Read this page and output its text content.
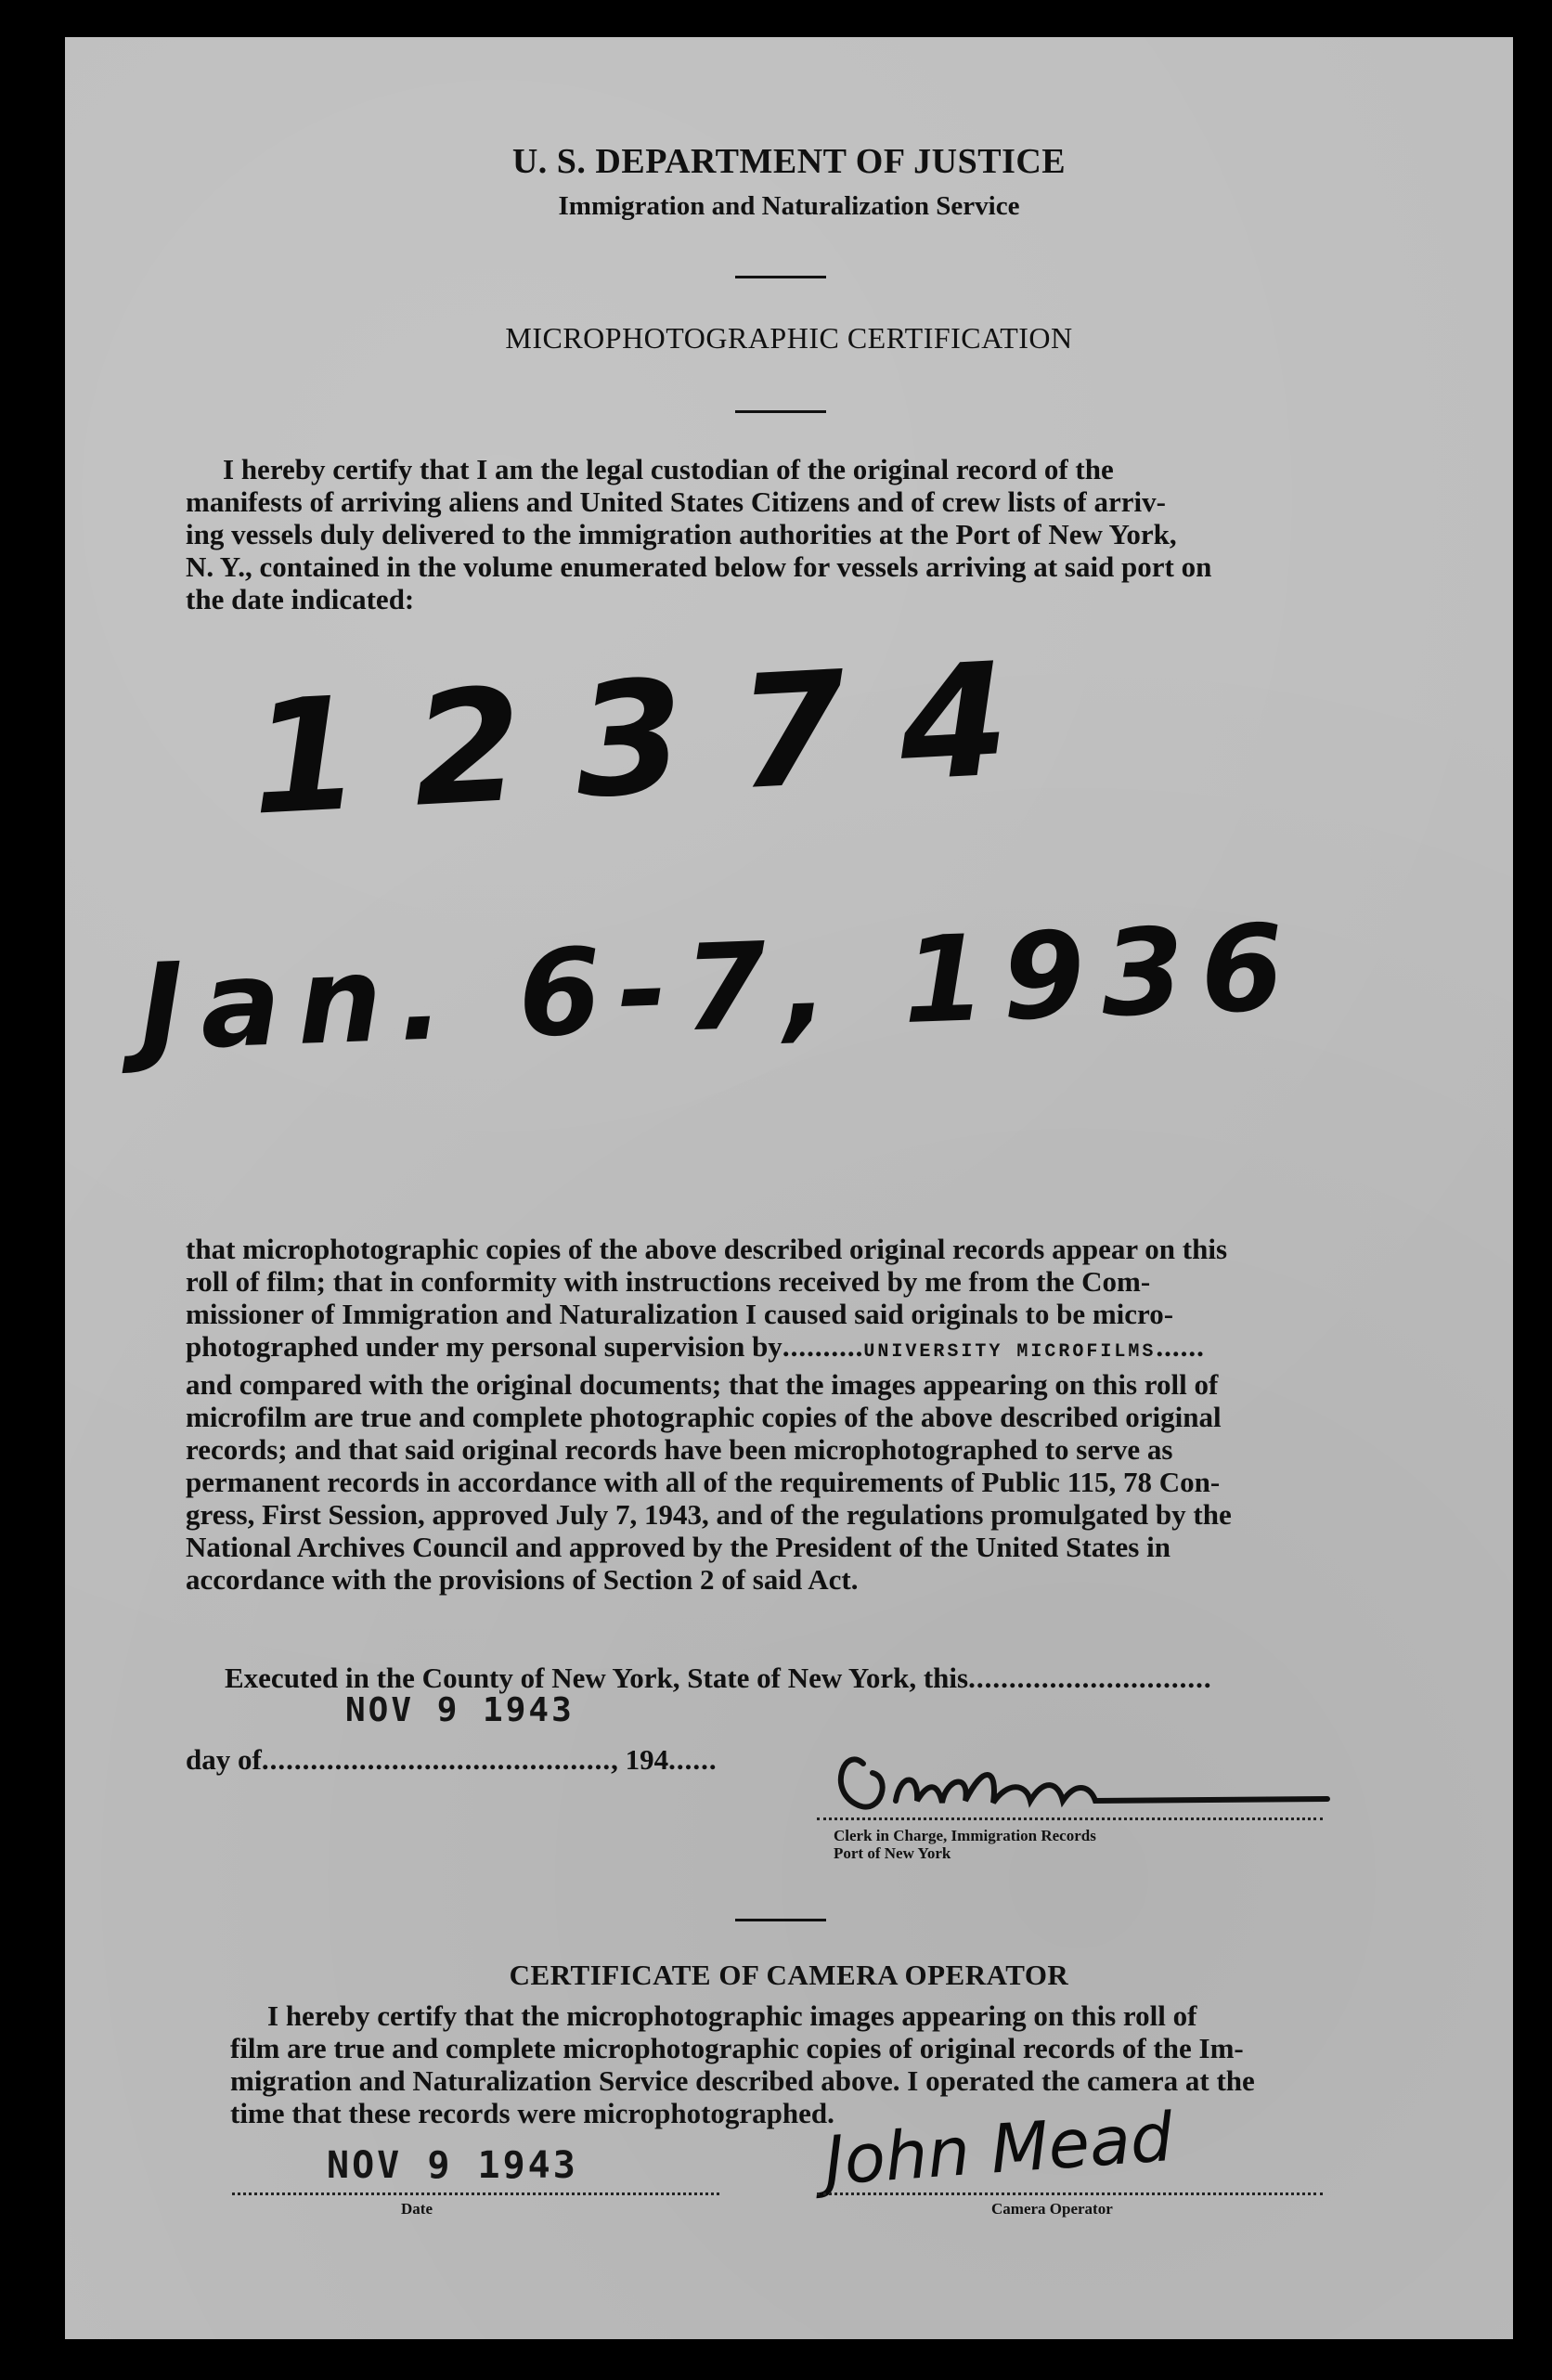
U. S. DEPARTMENT OF JUSTICE
Immigration and Naturalization Service
MICROPHOTOGRAPHIC CERTIFICATION
I hereby certify that I am the legal custodian of the original record of the
manifests of arriving aliens and United States Citizens and of crew lists of arriv-
ing vessels duly delivered to the immigration authorities at the Port of New York,
N. Y., contained in the volume enumerated below for vessels arriving at said port on
the date indicated:
12374
Jan. 6-7, 1936
that microphotographic copies of the above described original records appear on this
roll of film; that in conformity with instructions received by me from the Com-
missioner of Immigration and Naturalization I caused said originals to be micro-
photographed under my personal supervision by..........UNIVERSITY MICROFILMS......
and compared with the original documents; that the images appearing on this roll of
microfilm are true and complete photographic copies of the above described original
records; and that said original records have been microphotographed to serve as
permanent records in accordance with all of the requirements of Public 115, 78 Con-
gress, First Session, approved July 7, 1943, and of the regulations promulgated by the
National Archives Council and approved by the President of the United States in
accordance with the provisions of Section 2 of said Act.
Executed in the County of New York, State of New York, this..............................
NOV 9 1943
day of..........................................., 194......
Clerk in Charge, Immigration Records
Port of New York
CERTIFICATE OF CAMERA OPERATOR
I hereby certify that the microphotographic images appearing on this roll of
film are true and complete microphotographic copies of original records of the Im-
migration and Naturalization Service described above. I operated the camera at the
time that these records were microphotographed.
NOV 9 1943
Date
John Mead
Camera Operator
